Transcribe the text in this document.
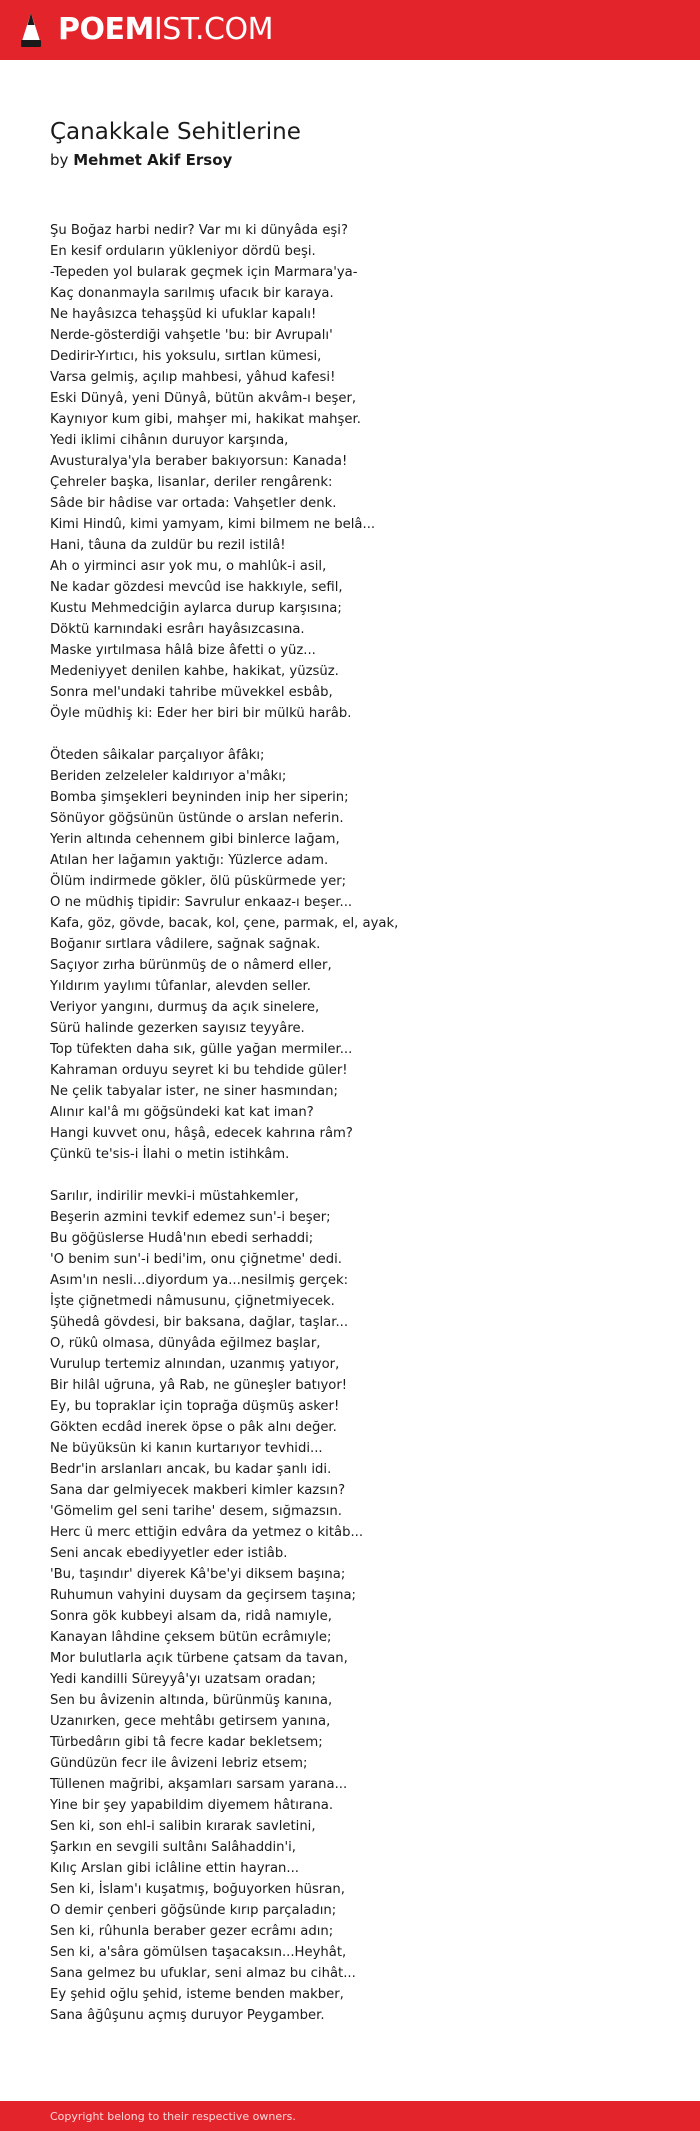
POEMIST.COM
Çanakkale Sehitlerine
by Mehmet Akif Ersoy
Şu Boğaz harbi nedir? Var mı ki dünyâda eşi?
En kesif orduların yükleniyor dördü beşi.
-Tepeden yol bularak geçmek için Marmara'ya-
Kaç donanmayla sarılmış ufacık bir karaya.
Ne hayâsızca tehaşşüd ki ufuklar kapalı!
Nerde-gösterdiği vahşetle 'bu: bir Avrupalı'
Dedirir-Yırtıcı, his yoksulu, sırtlan kümesi,
Varsa gelmiş, açılıp mahbesi, yâhud kafesi!
Eski Dünyâ, yeni Dünyâ, bütün akvâm-ı beşer,
Kaynıyor kum gibi, mahşer mi, hakikat mahşer.
Yedi iklimi cihânın duruyor karşında,
Avusturalya'yla beraber bakıyorsun: Kanada!
Çehreler başka, lisanlar, deriler rengârenk:
Sâde bir hâdise var ortada: Vahşetler denk.
Kimi Hindû, kimi yamyam, kimi bilmem ne belâ...
Hani, tâuna da zuldür bu rezil istilâ!
Ah o yirminci asır yok mu, o mahlûk-i asil,
Ne kadar gözdesi mevcûd ise hakkıyle, sefil,
Kustu Mehmedciğin aylarca durup karşısına;
Döktü karnındaki esrârı hayâsızcasına.
Maske yırtılmasa hâlâ bize âfetti o yüz...
Medeniyyet denilen kahbe, hakikat, yüzsüz.
Sonra mel'undaki tahribe müvekkel esbâb,
Öyle müdhiş ki: Eder her biri bir mülkü harâb.
Öteden sâikalar parçalıyor âfâkı;
Beriden zelzeleler kaldırıyor a'mâkı;
Bomba şimşekleri beyninden inip her siperin;
Sönüyor göğsünün üstünde o arslan neferin.
Yerin altında cehennem gibi binlerce lağam,
Atılan her lağamın yaktığı: Yüzlerce adam.
Ölüm indirmede gökler, ölü püskürmede yer;
O ne müdhiş tipidir: Savrulur enkaaz-ı beşer...
Kafa, göz, gövde, bacak, kol, çene, parmak, el, ayak,
Boğanır sırtlara vâdilere, sağnak sağnak.
Saçıyor zırha bürünmüş de o nâmerd eller,
Yıldırım yaylımı tûfanlar, alevden seller.
Veriyor yangını, durmuş da açık sinelere,
Sürü halinde gezerken sayısız teyyâre.
Top tüfekten daha sık, gülle yağan mermiler...
Kahraman orduyu seyret ki bu tehdide güler!
Ne çelik tabyalar ister, ne siner hasmından;
Alınır kal'â mı göğsündeki kat kat iman?
Hangi kuvvet onu, hâşâ, edecek kahrına râm?
Çünkü te'sis-i İlahi o metin istihkâm.
Sarılır, indirilir mevki-i müstahkemler,
Beşerin azmini tevkif edemez sun'-i beşer;
Bu göğüslerse Hudâ'nın ebedi serhaddi;
'O benim sun'-i bedi'im, onu çiğnetme' dedi.
Asım'ın nesli...diyordum ya...nesilmiş gerçek:
İşte çiğnetmedi nâmusunu, çiğnetmiyecek.
Şühedâ gövdesi, bir baksana, dağlar, taşlar...
O, rükû olmasa, dünyâda eğilmez başlar,
Vurulup tertemiz alnından, uzanmış yatıyor,
Bir hilâl uğruna, yâ Rab, ne güneşler batıyor!
Ey, bu topraklar için toprağa düşmüş asker!
Gökten ecdâd inerek öpse o pâk alnı değer.
Ne büyüksün ki kanın kurtarıyor tevhidi...
Bedr'in arslanları ancak, bu kadar şanlı idi.
Sana dar gelmiyecek makberi kimler kazsın?
'Gömelim gel seni tarihe' desem, sığmazsın.
Herc ü merc ettiğin edvâra da yetmez o kitâb...
Seni ancak ebediyyetler eder istiâb.
'Bu, taşındır' diyerek Kâ'be'yi diksem başına;
Ruhumun vahyini duysam da geçirsem taşına;
Sonra gök kubbeyi alsam da, ridâ namıyle,
Kanayan lâhdine çeksem bütün ecrâmıyle;
Mor bulutlarla açık türbene çatsam da tavan,
Yedi kandilli Süreyyâ'yı uzatsam oradan;
Sen bu âvizenin altında, bürünmüş kanına,
Uzanırken, gece mehtâbı getirsem yanına,
Türbedârın gibi tâ fecre kadar bekletsem;
Gündüzün fecr ile âvizeni lebriz etsem;
Tüllenen mağribi, akşamları sarsam yarana...
Yine bir şey yapabildim diyemem hâtırana.
Sen ki, son ehl-i salibin kırarak savletini,
Şarkın en sevgili sultânı Salâhaddin'i,
Kılıç Arslan gibi iclâline ettin hayran...
Sen ki, İslam'ı kuşatmış, boğuyorken hüsran,
O demir çenberi göğsünde kırıp parçaladın;
Sen ki, rûhunla beraber gezer ecrâmı adın;
Sen ki, a'sâra gömülsen taşacaksın...Heyhât,
Sana gelmez bu ufuklar, seni almaz bu cihât...
Ey şehid oğlu şehid, isteme benden makber,
Sana âğûşunu açmış duruyor Peygamber.
Copyright belong to their respective owners.
